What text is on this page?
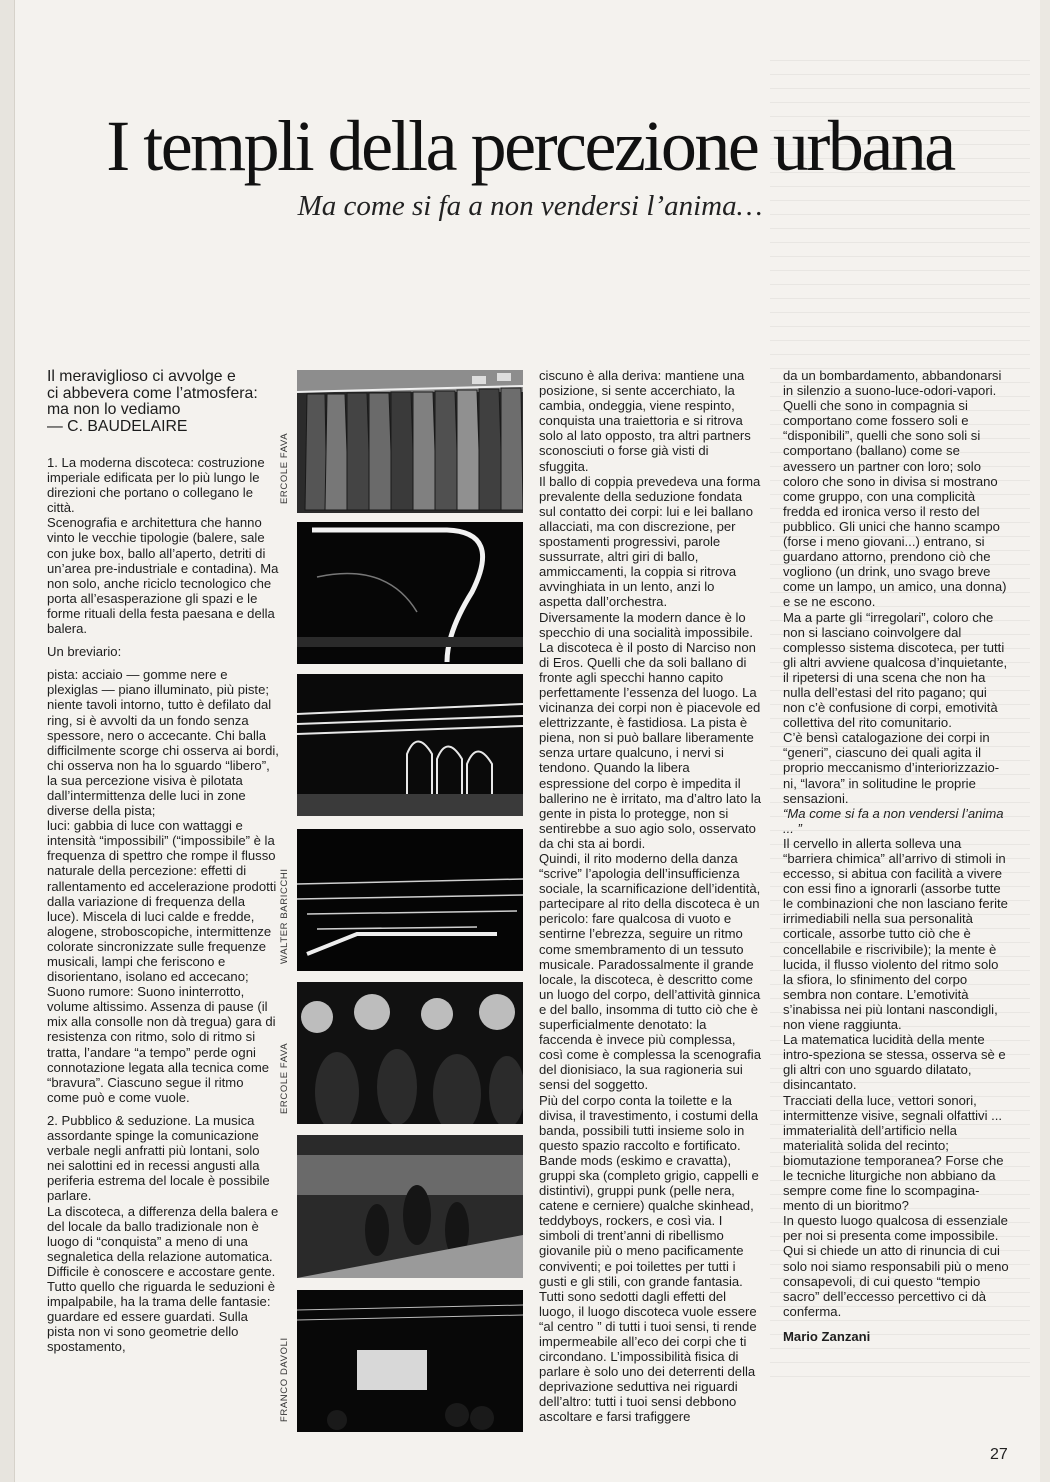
I templi della percezione urbana

Ma come si fa a non vendersi l’anima…

Il meraviglioso ci avvolge e

ci abbevera come l’atmosfera:

ma non lo vediamo

— C. BAUDELAIRE

1. La moderna discoteca: costruzione imperiale edificata per lo più lungo le direzioni che portano o collegano le città.

Scenografia e architettura che hanno vinto le vecchie tipologie (balere, sale con juke box, ballo all’aperto, detriti di un’area pre-industriale e contadina). Ma non solo, anche riciclo tecnologico che porta all’esasperazione gli spazi e le forme rituali della festa paesana e della balera.

Un breviario:

pista: acciaio — gomme nere e plexiglas — piano illuminato, più piste; niente tavoli intorno, tutto è defilato dal ring, si è avvolti da un fondo senza spessore, nero o accecante. Chi balla difficilmente scorge chi osserva ai bordi, chi osserva non ha lo sguardo “libero”, la sua percezione visiva è pilotata dall’intermittenza delle luci in zone diverse della pista;

luci: gabbia di luce con wattaggi e intensità “impossibili” (“impossibile” è la frequenza di spettro che rompe il flusso naturale della percezione: effetti di rallentamento ed accelerazione prodotti dalla variazione di frequenza della luce). Miscela di luci calde e fredde, alogene, stroboscopiche, intermittenze colorate sincronizzate sulle frequenze musicali, lampi che feriscono e disorientano, isolano ed accecano;

Suono rumore: Suono ininterrotto, volume altissimo. Assenza di pause (il mix alla consolle non dà tregua) gara di resistenza con ritmo, solo di ritmo si tratta, l’andare “a tempo” perde ogni connotazione legata alla tecnica come “bravura”. Ciascuno segue il ritmo come può e come vuole.

2. Pubblico & seduzione. La musica assordante spinge la comunicazione verbale negli anfratti più lontani, solo nei salottini ed in recessi angusti alla periferia estrema del locale è possibile parlare.

La discoteca, a differenza della balera e del locale da ballo tradizionale non è luogo di “conquista” a meno di una segnaletica della relazione automatica. Difficile è conoscere e accostare gente. Tutto quello che riguarda le seduzioni è impalpabile, ha la trama delle fantasie: guardare ed essere guardati. Sulla pista non vi sono geometrie dello spostamento,

ERCOLE FAVA
WALTER BARICCHI
ERCOLE FAVA
FRANCO DAVOLI

ciscuno è alla deriva: mantiene una posizione, si sente accerchiato, la cambia, ondeggia, viene respinto, conquista una traiettoria e si ritrova solo al lato opposto, tra altri partners sconosciuti o forse già visti di sfuggita.

Il ballo di coppia prevedeva una forma prevalente della seduzione fondata sul contatto dei corpi: lui e lei ballano allacciati, ma con discrezione, per spostamenti progressivi, parole sussurrate, altri giri di ballo, ammiccamenti, la coppia si ritrova avvinghiata in un lento, anzi lo aspetta dall’orchestra.

Diversamente la modern dance è lo specchio di una socialità impossibile. La discoteca è il posto di Narciso non di Eros. Quelli che da soli ballano di fronte agli specchi hanno capito perfettamente l’essenza del luogo. La vicinanza dei corpi non è piacevole ed elettrizzante, è fastidiosa. La pista è piena, non si può ballare liberamente senza urtare qualcuno, i nervi si tendono. Quando la libera espressione del corpo è impedita il ballerino ne è irritato, ma d’altro lato la gente in pista lo protegge, non si sentirebbe a suo agio solo, osservato da chi sta ai bordi.

Quindi, il rito moderno della danza “scrive” l’apologia dell’insufficienza sociale, la scarnificazione dell’identità, partecipare al rito della discoteca è un pericolo: fare qualcosa di vuoto e sentirne l’ebrezza, seguire un ritmo come smembramento di un tessuto musicale. Paradossalmente il grande locale, la discoteca, è descritto come un luogo del corpo, dell’attività ginnica e del ballo, insomma di tutto ciò che è superficialmente denotato: la faccenda è invece più complessa, così come è complessa la scenografia del dionisiaco, la sua ragioneria sui sensi del soggetto.

Più del corpo conta la toilette e la divisa, il travestimento, i costumi della banda, possibili tutti insieme solo in questo spazio raccolto e fortificato. Bande mods (eskimo e cravatta), gruppi ska (completo grigio, cappelli e distintivi), gruppi punk (pelle nera, catene e cerniere) qualche skinhead, teddyboys, rockers, e così via. I simboli di trent’anni di ribellismo giovanile più o meno pacificamente conviventi; e poi toilettes per tutti i gusti e gli stili, con grande fantasia.

Tutti sono sedotti dagli effetti del luogo, il luogo discoteca vuole essere “al centro ” di tutti i tuoi sensi, ti rende impermeabile all’eco dei corpi che ti circondano. L’impossibilità fisica di parlare è solo uno dei deterrenti della deprivazione seduttiva nei riguardi dell’altro: tutti i tuoi sensi debbono ascoltare e farsi trafiggere

da un bombardamento, abbandonarsi in silenzio a suono-luce-odori-vapori.

Quelli che sono in compagnia si comportano come fossero soli e “disponibili”, quelli che sono soli si comportano (ballano) come se avessero un partner con loro; solo coloro che sono in divisa si mostrano come gruppo, con una complicità fredda ed ironica verso il resto del pubblico. Gli unici che hanno scampo (forse i meno giovani...) entrano, si guardano attorno, prendono ciò che vogliono (un drink, uno svago breve come un lampo, un amico, una donna) e se ne escono.

Ma a parte gli “irregolari”, coloro che non si lasciano coinvolgere dal complesso sistema discoteca, per tutti gli altri avviene qualcosa d’inquietante, il ripetersi di una scena che non ha nulla dell’estasi del rito pagano; qui non c’è confusione di corpi, emotività collettiva del rito comunitario.

C’è bensì catalogazione dei corpi in “generi”, ciascuno dei quali agita il proprio meccanismo d’interiorizzazio-ni, “lavora” in solitudine le proprie sensazioni.

“Ma come si fa a non vendersi l’anima ... ”

Il cervello in allerta solleva una “barriera chimica” all’arrivo di stimoli in eccesso, si abitua con facilità a vivere con essi fino a ignorarli (assorbe tutte le combinazioni che non lasciano ferite irrimediabili nella sua personalità corticale, assorbe tutto ciò che è concellabile e riscrivibile); la mente è lucida, il flusso violento del ritmo solo la sfiora, lo sfinimento del corpo sembra non contare. L’emotività s’inabissa nei più lontani nascondigli, non viene raggiunta.

La matematica lucidità della mente intro-speziona se stessa, osserva sè e gli altri con uno sguardo dilatato, disincantato.

Tracciati della luce, vettori sonori, intermittenze visive, segnali olfattivi ... immaterialità dell’artificio nella materialità solida del recinto; biomutazione temporanea? Forse che le tecniche liturgiche non abbiano da sempre come fine lo scompagina-mento di un bioritmo?

In questo luogo qualcosa di essenziale per noi si presenta come impossibile. Qui si chiede un atto di rinuncia di cui solo noi siamo responsabili più o meno consapevoli, di cui questo “tempio sacro” dell’eccesso percettivo ci dà conferma.

Mario Zanzani

27
